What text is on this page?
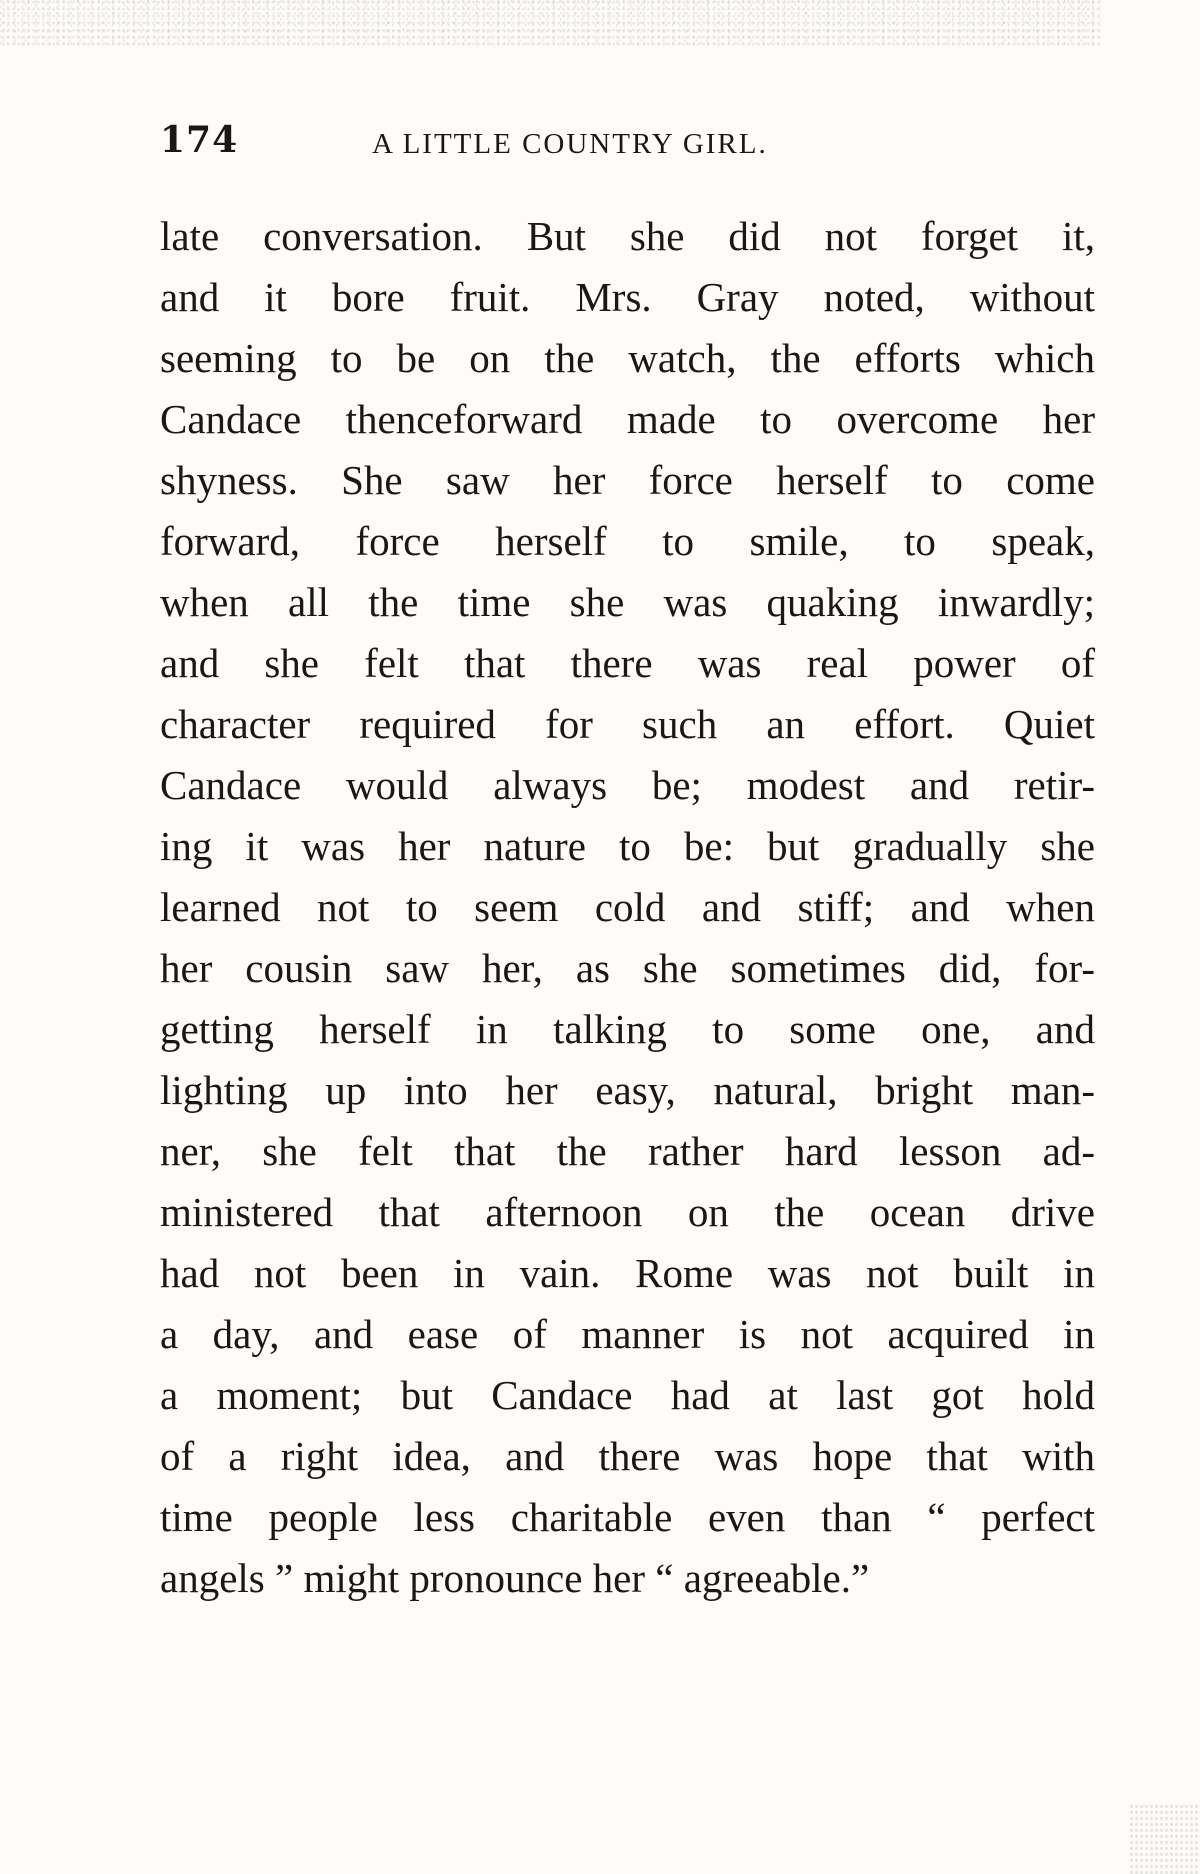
174	A LITTLE COUNTRY GIRL.
late conversation. But she did not forget it,
and it bore fruit. Mrs. Gray noted, without
seeming to be on the watch, the efforts which
Candace thenceforward made to overcome her
shyness. She saw her force herself to come
forward, force herself to smile, to speak,
when all the time she was quaking inwardly;
and she felt that there was real power of
character required for such an effort. Quiet
Candace would always be; modest and retir-
ing it was her nature to be: but gradually she
learned not to seem cold and stiff; and when
her cousin saw her, as she sometimes did, for-
getting herself in talking to some one, and
lighting up into her easy, natural, bright man-
ner, she felt that the rather hard lesson ad-
ministered that afternoon on the ocean drive
had not been in vain. Rome was not built in
a day, and ease of manner is not acquired in
a moment; but Candace had at last got hold
of a right idea, and there was hope that with
time people less charitable even than “ perfect
angels ” might pronounce her “ agreeable.”
